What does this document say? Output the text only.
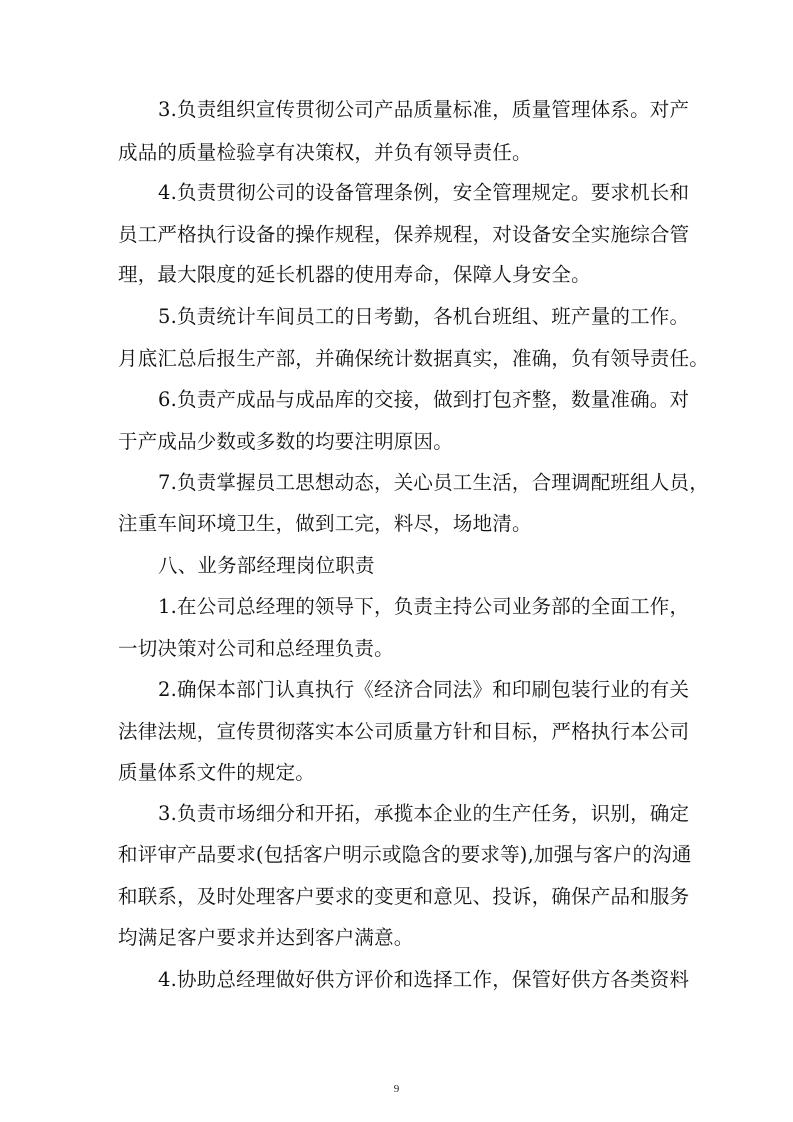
3.负责组织宣传贯彻公司产品质量标准，质量管理体系。对产
成品的质量检验享有决策权，并负有领导责任。
4.负责贯彻公司的设备管理条例，安全管理规定。要求机长和
员工严格执行设备的操作规程，保养规程，对设备安全实施综合管
理，最大限度的延长机器的使用寿命，保障人身安全。
5.负责统计车间员工的日考勤，各机台班组、班产量的工作。
月底汇总后报生产部，并确保统计数据真实，准确，负有领导责任。
6.负责产成品与成品库的交接，做到打包齐整，数量准确。对
于产成品少数或多数的均要注明原因。
7.负责掌握员工思想动态，关心员工生活，合理调配班组人员，
注重车间环境卫生，做到工完，料尽，场地清。
八、业务部经理岗位职责
1.在公司总经理的领导下，负责主持公司业务部的全面工作，
一切决策对公司和总经理负责。
2.确保本部门认真执行《经济合同法》和印刷包装行业的有关
法律法规，宣传贯彻落实本公司质量方针和目标，严格执行本公司
质量体系文件的规定。
3.负责市场细分和开拓，承揽本企业的生产任务，识别，确定
和评审产品要求(包括客户明示或隐含的要求等),加强与客户的沟通
和联系，及时处理客户要求的变更和意见、投诉，确保产品和服务
均满足客户要求并达到客户满意。
4.协助总经理做好供方评价和选择工作，保管好供方各类资料
9
